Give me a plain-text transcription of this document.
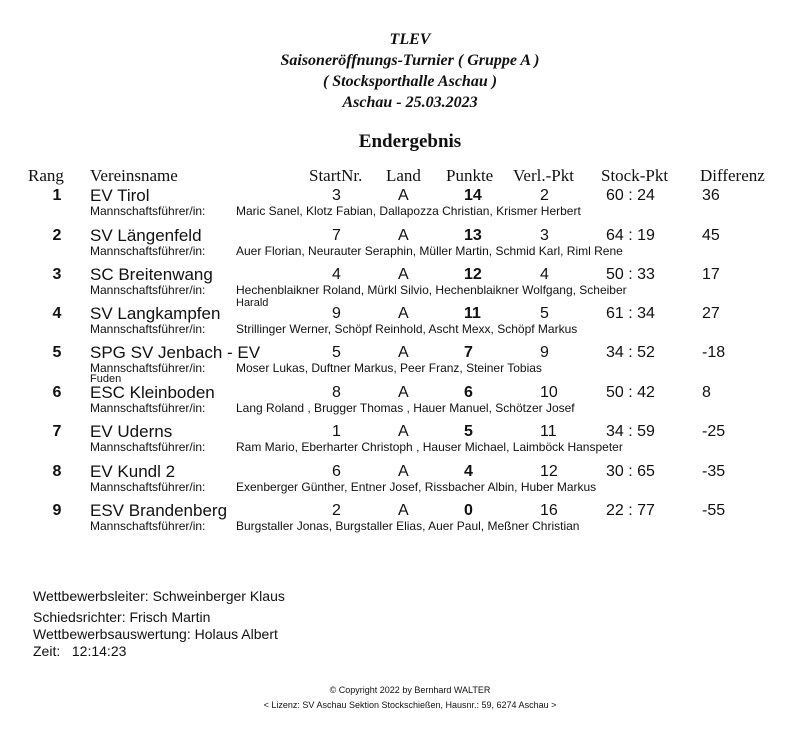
TLEV
Saisoneröffnungs-Turnier ( Gruppe A )
( Stocksporthalle Aschau )
Aschau - 25.03.2023
Endergebnis
Rang Vereinsname	StartNr. Land Punkte Verl.-Pkt Stock-Pkt Differenz
1	EV Tirol	3	A	14	2	60 : 24	36
Mannschaftsführer/in:	Maric Sanel, Klotz Fabian, Dallapozza Christian, Krismer Herbert
2	SV Längenfeld	7	A	13	3	64 : 19	45
Mannschaftsführer/in:	Auer Florian, Neurauter Seraphin, Müller Martin, Schmid Karl, Riml Rene
3	SC Breitenwang	4	A	12	4	50 : 33	17
Mannschaftsführer/in:	Hechenblaikner Roland, Mürkl Silvio, Hechenblaikner Wolfgang, Scheiber
Harald
4	SV Langkampfen	9	A	11	5	61 : 34	27
Mannschaftsführer/in:	Strillinger Werner, Schöpf Reinhold, Ascht Mexx, Schöpf Markus
5	SPG SV Jenbach - EV	5	A	7	9	34 : 52	-18
Mannschaftsführer/in:	Moser Lukas, Duftner Markus, Peer Franz, Steiner Tobias
Fuden
6	ESC Kleinboden	8	A	6	10	50 : 42	8
Mannschaftsführer/in:	Lang Roland , Brugger Thomas , Hauer Manuel, Schötzer Josef
7	EV Uderns	1	A	5	11	34 : 59	-25
Mannschaftsführer/in:	Ram Mario, Eberharter Christoph , Hauser Michael, Laimböck Hanspeter
8	EV Kundl 2	6	A	4	12	30 : 65	-35
Mannschaftsführer/in:	Exenberger Günther, Entner Josef, Rissbacher Albin, Huber Markus
9	ESV Brandenberg	2	A	0	16	22 : 77	-55
Mannschaftsführer/in:	Burgstaller Jonas, Burgstaller Elias, Auer Paul, Meßner Christian
Wettbewerbsleiter: Schweinberger Klaus
Schiedsrichter: Frisch Martin
Wettbewerbsauswertung: Holaus Albert
Zeit:   12:14:23
© Copyright 2022 by Bernhard WALTER
< Lizenz: SV Aschau Sektion Stockschießen, Hausnr.: 59, 6274 Aschau >
